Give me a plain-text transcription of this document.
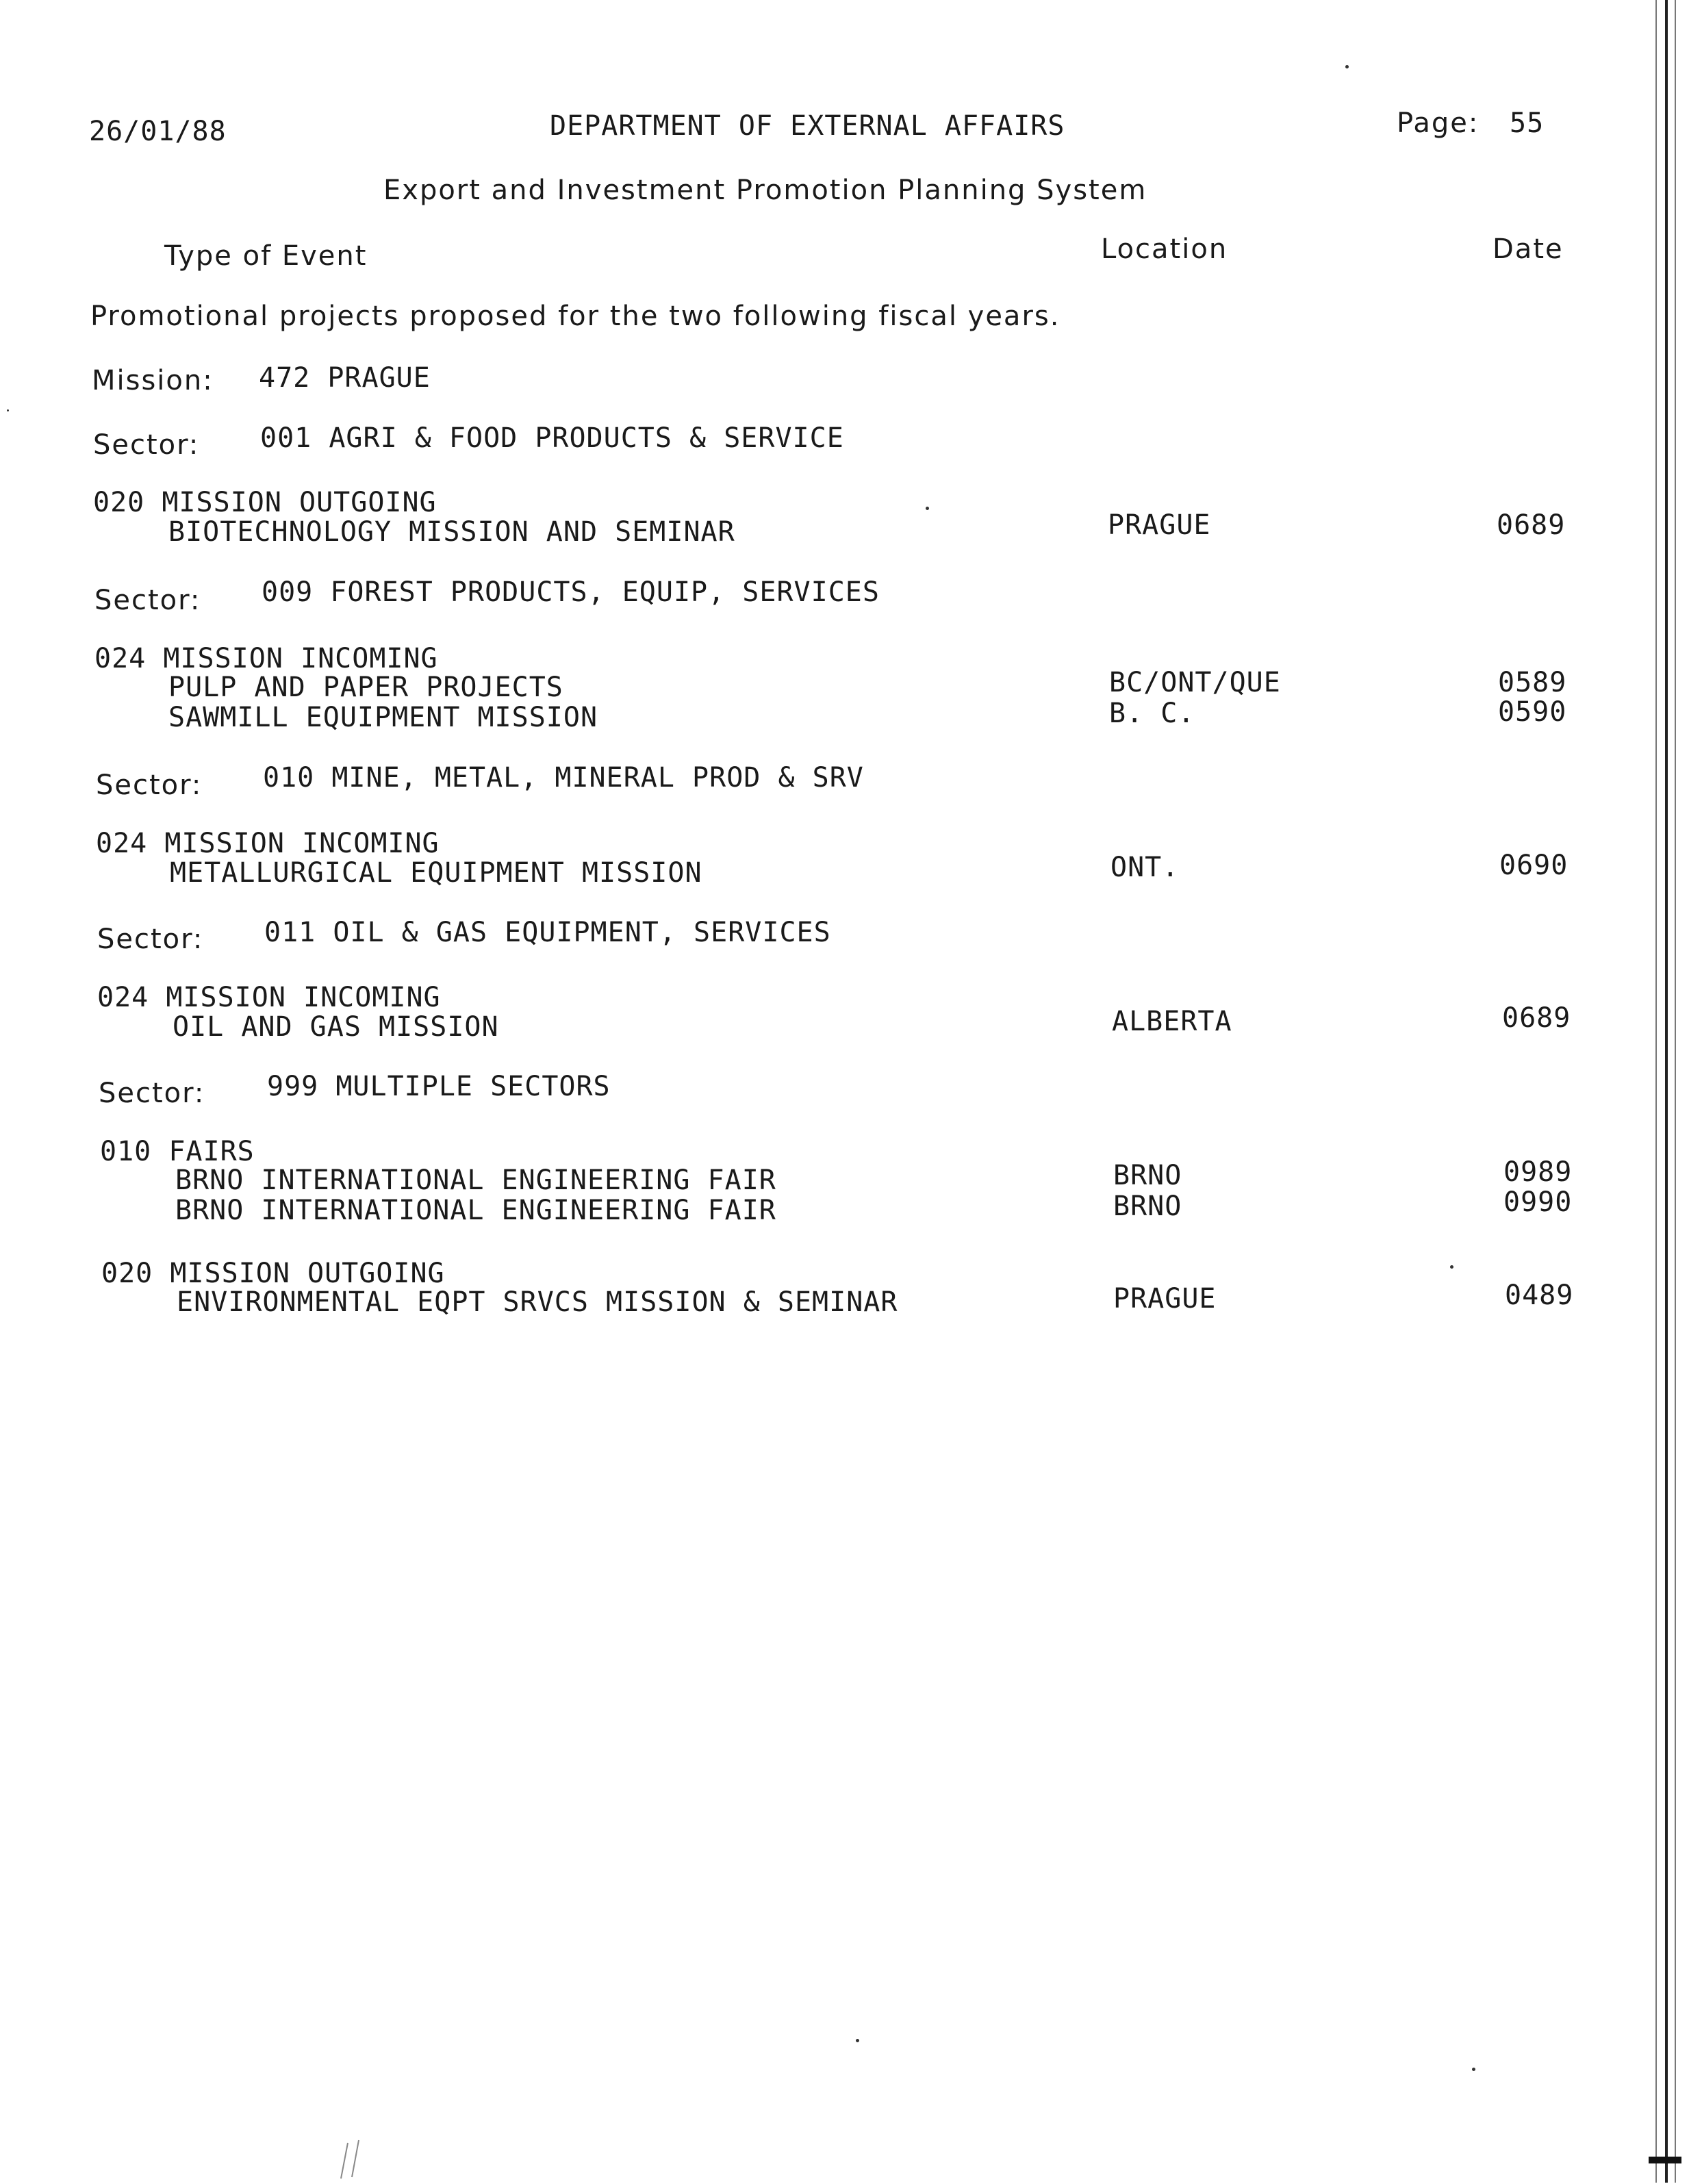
26/01/88	DEPARTMENT OF EXTERNAL AFFAIRS	Page: 55
Export and Investment Promotion Planning System
Type of Event	Location	Date
Promotional projects proposed for the two following fiscal years.
Mission: 472 PRAGUE
Sector: 001 AGRI & FOOD PRODUCTS & SERVICE
020 MISSION OUTGOING
BIOTECHNOLOGY MISSION AND SEMINAR	PRAGUE	0689
Sector: 009 FOREST PRODUCTS, EQUIP, SERVICES
024 MISSION INCOMING
PULP AND PAPER PROJECTS	BC/ONT/QUE	0589
SAWMILL EQUIPMENT MISSION	B. C.	0590
Sector: 010 MINE, METAL, MINERAL PROD & SRV
024 MISSION INCOMING
METALLURGICAL EQUIPMENT MISSION	ONT.	0690
Sector: 011 OIL & GAS EQUIPMENT, SERVICES
024 MISSION INCOMING
OIL AND GAS MISSION	ALBERTA	0689
Sector: 999 MULTIPLE SECTORS
010 FAIRS
BRNO INTERNATIONAL ENGINEERING FAIR	BRNO	0989
BRNO INTERNATIONAL ENGINEERING FAIR	BRNO	0990
020 MISSION OUTGOING
ENVIRONMENTAL EQPT SRVCS MISSION & SEMINAR	PRAGUE	0489
